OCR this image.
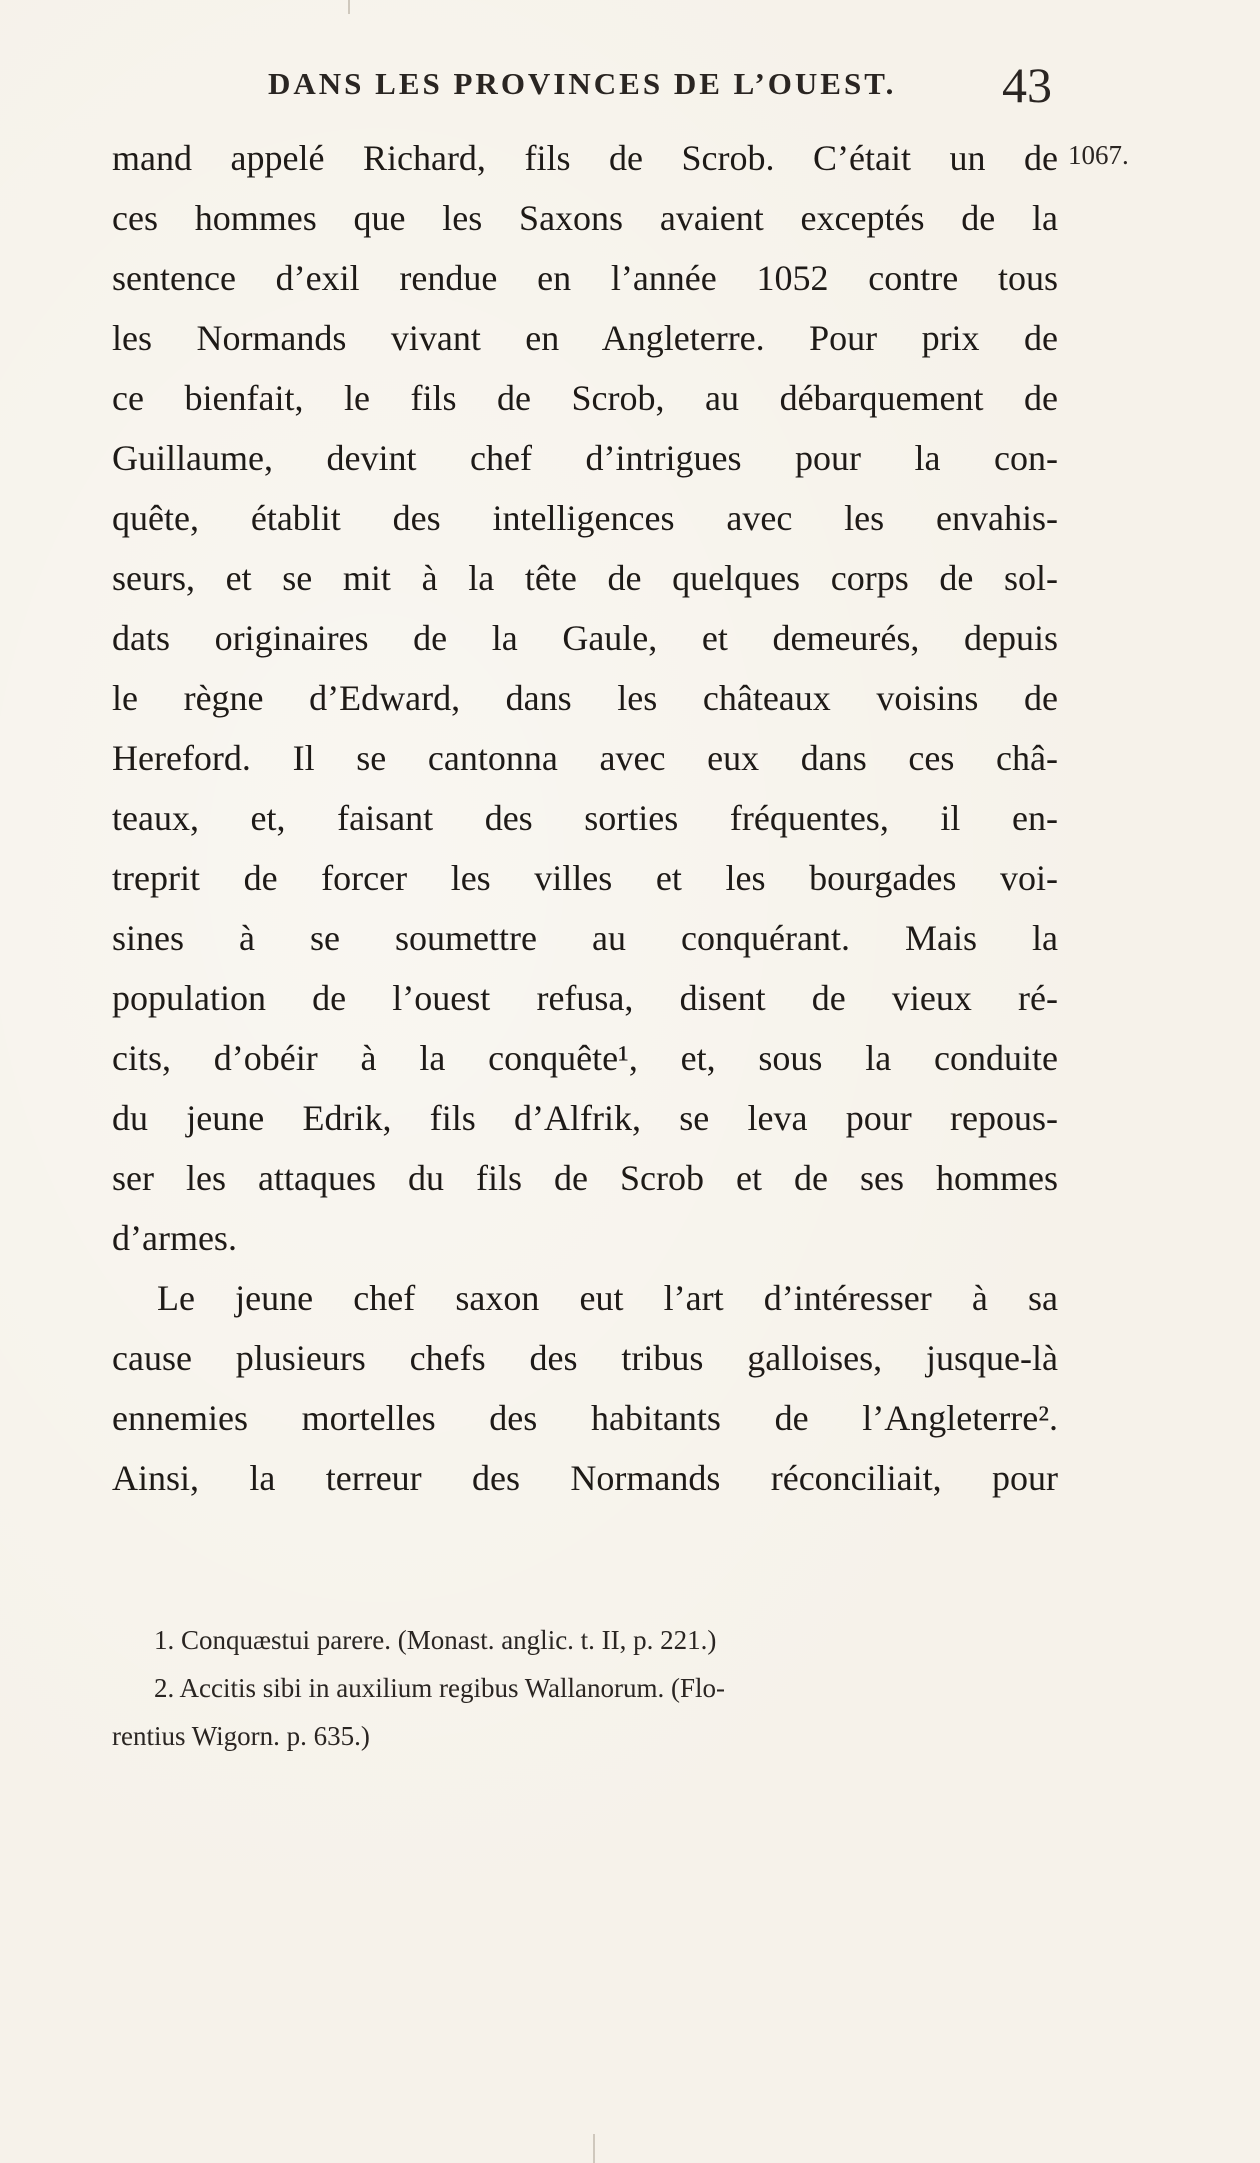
DANS LES PROVINCES DE L’OUEST. 43
1067.
mand appelé Richard, fils de Scrob. C’était un de
ces hommes que les Saxons avaient exceptés de la
sentence d’exil rendue en l’année 1052 contre tous
les Normands vivant en Angleterre. Pour prix de
ce bienfait, le fils de Scrob, au débarquement de
Guillaume, devint chef d’intrigues pour la con-
quête, établit des intelligences avec les envahis-
seurs, et se mit à la tête de quelques corps de sol-
dats originaires de la Gaule, et demeurés, depuis
le règne d’Edward, dans les châteaux voisins de
Hereford. Il se cantonna avec eux dans ces châ-
teaux, et, faisant des sorties fréquentes, il en-
treprit de forcer les villes et les bourgades voi-
sines à se soumettre au conquérant. Mais la
population de l’ouest refusa, disent de vieux ré-
cits, d’obéir à la conquête¹, et, sous la conduite
du jeune Edrik, fils d’Alfrik, se leva pour repous-
ser les attaques du fils de Scrob et de ses hommes
d’armes.
Le jeune chef saxon eut l’art d’intéresser à sa
cause plusieurs chefs des tribus galloises, jusque-là
ennemies mortelles des habitants de l’Angleterre².
Ainsi, la terreur des Normands réconciliait, pour
1. Conquæstui parere. (Monast. anglic. t. II, p. 221.)
2. Accitis sibi in auxilium regibus Wallanorum. (Flo-
rentius Wigorn. p. 635.)
